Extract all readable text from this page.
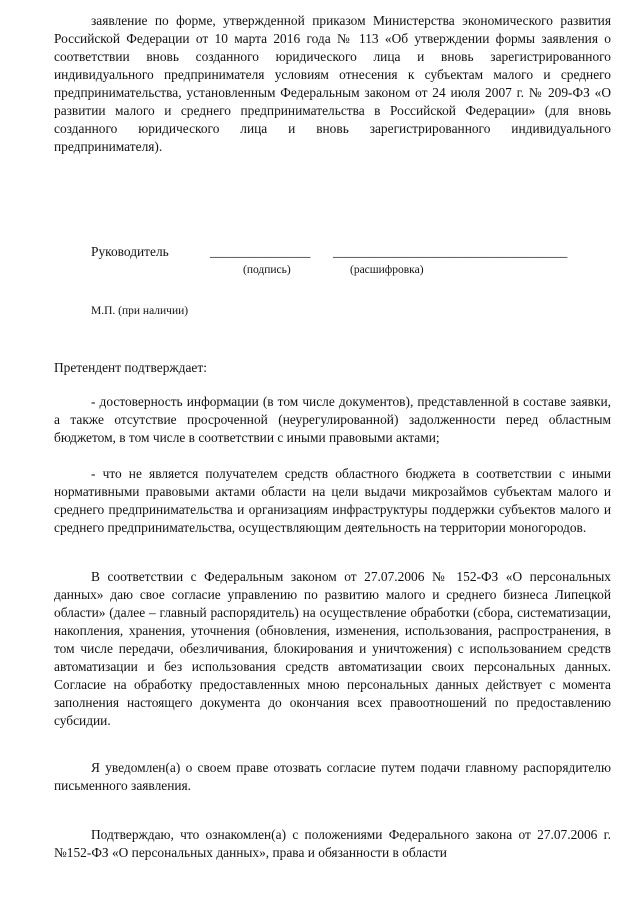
заявление по форме, утвержденной приказом Министерства экономического развития Российской Федерации от 10 марта 2016 года № 113 «Об утверждении формы заявления о соответствии вновь созданного юридического лица и вновь зарегистрированного индивидуального предпринимателя условиям отнесения к субъектам малого и среднего предпринимательства, установленным Федеральным законом от 24 июля 2007 г. № 209-ФЗ «О развитии малого и среднего предпринимательства в Российской Федерации» (для вновь созданного юридического лица и вновь зарегистрированного индивидуального предпринимателя).

Руководитель	_______________ ___________________________________
(подпись)	(расшифровка)
М.П. (при наличии)

Претендент подтверждает:

- достоверность информации (в том числе документов), представленной в составе заявки, а также отсутствие просроченной (неурегулированной) задолженности перед областным бюджетом, в том числе в соответствии с иными правовыми актами;

- что не является получателем средств областного бюджета в соответствии с иными нормативными правовыми актами области на цели выдачи микрозаймов субъектам малого и среднего предпринимательства и организациям инфраструктуры поддержки субъектов малого и среднего предпринимательства, осуществляющим деятельность на территории моногородов.

В соответствии с Федеральным законом от 27.07.2006 № 152-ФЗ «О персональных данных» даю свое согласие управлению по развитию малого и среднего бизнеса Липецкой области» (далее – главный распорядитель) на осуществление обработки (сбора, систематизации, накопления, хранения, уточнения (обновления, изменения, использования, распространения, в том числе передачи, обезличивания, блокирования и уничтожения) с использованием средств автоматизации и без использования средств автоматизации своих персональных данных. Согласие на обработку предоставленных мною персональных данных действует с момента заполнения настоящего документа до окончания всех правоотношений по предоставлению субсидии.

Я уведомлен(а) о своем праве отозвать согласие путем подачи главному распорядителю письменного заявления.

Подтверждаю, что ознакомлен(а) с положениями Федерального закона от 27.07.2006 г. №152-ФЗ «О персональных данных», права и обязанности в области
